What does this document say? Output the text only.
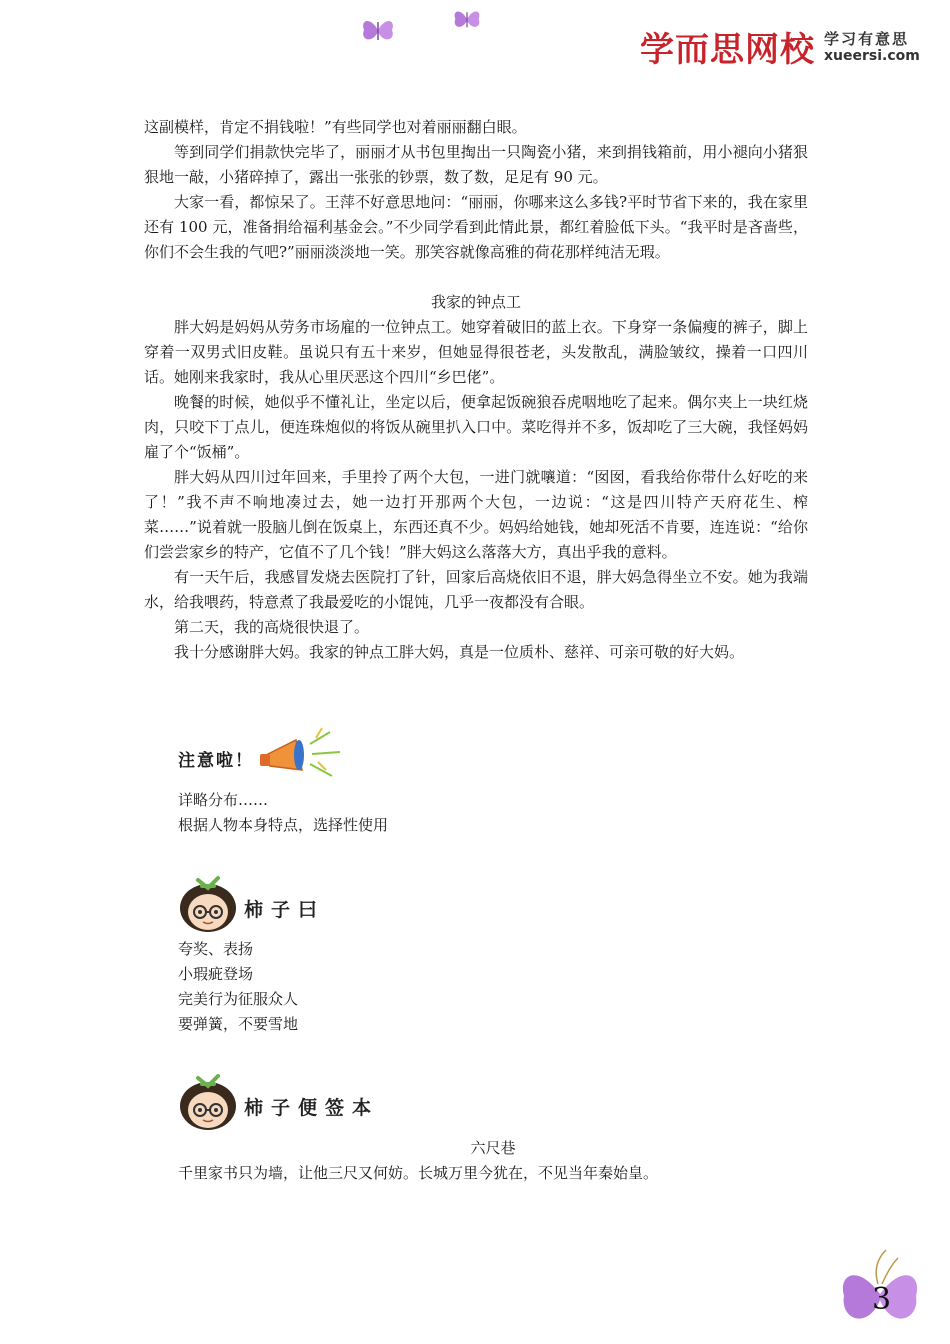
学而思网校 学习有意思
xueersi.com

这副模样，肯定不捐钱啦！”有些同学也对着丽丽翻白眼。

等到同学们捐款快完毕了，丽丽才从书包里掏出一只陶瓷小猪，来到捐钱箱前，用小褪向小猪狠狠地一敲，小猪碎掉了，露出一张张的钞票，数了数，足足有 90 元。

大家一看，都惊呆了。王萍不好意思地问：“丽丽，你哪来这么多钱?平时节省下来的，我在家里还有 100 元，准备捐给福利基金会。”不少同学看到此情此景，都红着脸低下头。“我平时是吝啬些，你们不会生我的气吧?”丽丽淡淡地一笑。那笑容就像高雅的荷花那样纯洁无瑕。

我家的钟点工

胖大妈是妈妈从劳务市场雇的一位钟点工。她穿着破旧的蓝上衣。下身穿一条偏瘦的裤子，脚上穿着一双男式旧皮鞋。虽说只有五十来岁，但她显得很苍老，头发散乱，满脸皱纹，操着一口四川话。她刚来我家时，我从心里厌恶这个四川“乡巴佬”。

晚餐的时候，她似乎不懂礼让，坐定以后，便拿起饭碗狼吞虎咽地吃了起来。偶尔夹上一块红烧肉，只咬下丁点儿，便连珠炮似的将饭从碗里扒入口中。菜吃得并不多，饭却吃了三大碗，我怪妈妈雇了个“饭桶”。

胖大妈从四川过年回来，手里拎了两个大包，一进门就嚷道：“囡囡，看我给你带什么好吃的来了！”我不声不响地凑过去，她一边打开那两个大包，一边说：“这是四川特产天府花生、榨菜……”说着就一股脑儿倒在饭桌上，东西还真不少。妈妈给她钱，她却死活不肯要，连连说：“给你们尝尝家乡的特产，它值不了几个钱！”胖大妈这么落落大方，真出乎我的意料。

有一天午后，我感冒发烧去医院打了针，回家后高烧依旧不退，胖大妈急得坐立不安。她为我端水，给我喂药，特意煮了我最爱吃的小馄饨，几乎一夜都没有合眼。

第二天，我的高烧很快退了。

我十分感谢胖大妈。我家的钟点工胖大妈，真是一位质朴、慈祥、可亲可敬的好大妈。

注意啦！

详略分布……

根据人物本身特点，选择性使用

柿子曰

夸奖、表扬

小瑕疵登场

完美行为征服众人

要弹簧，不要雪地

柿子便签本

六尺巷

千里家书只为墙，让他三尺又何妨。长城万里今犹在，不见当年秦始皇。

3
